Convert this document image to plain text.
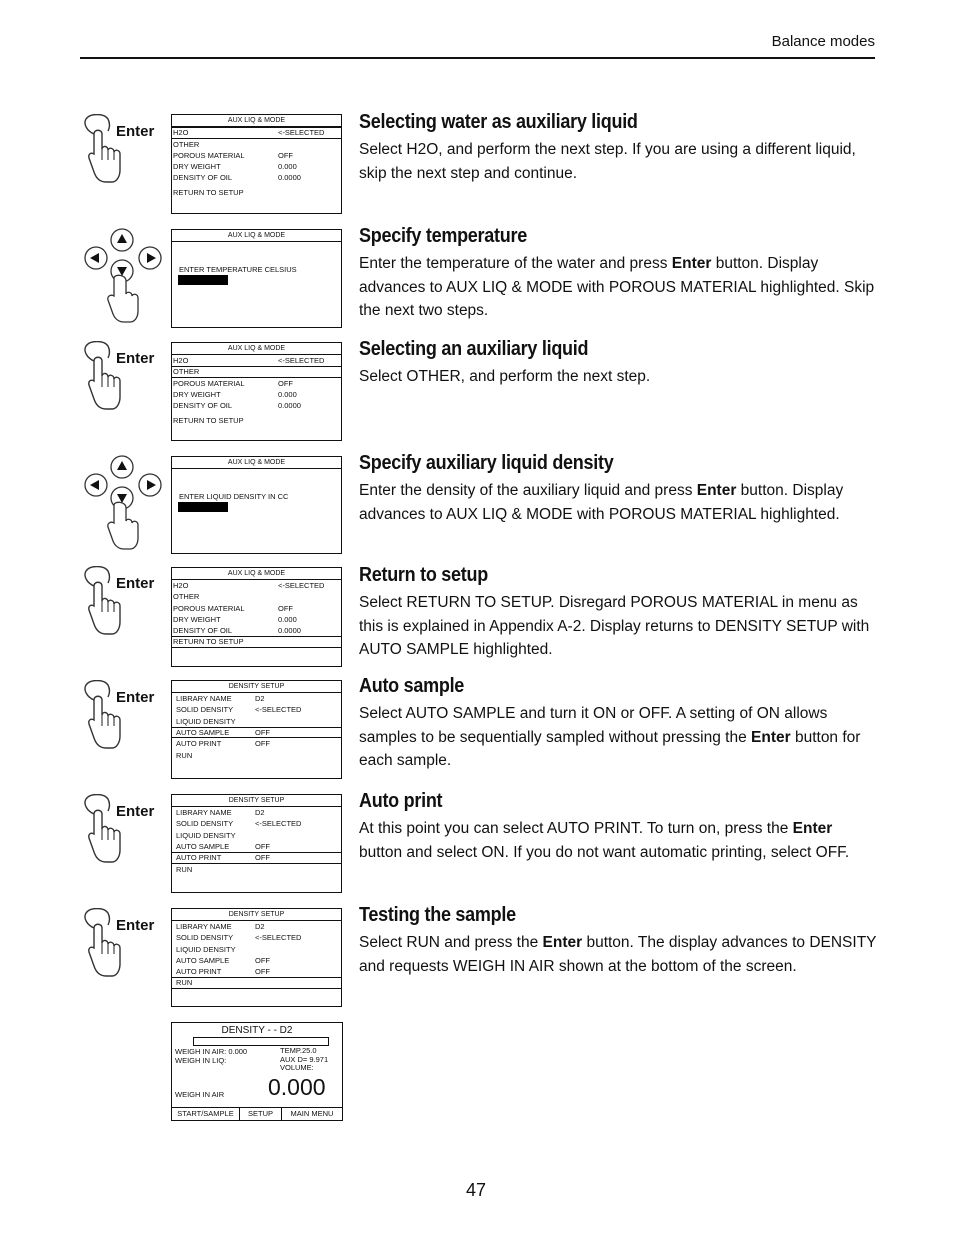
Balance modes
Enter
AUX LIQ & MODE
H2O	<-SELECTED
OTHER
POROUS MATERIAL	OFF
DRY WEIGHT	0.000
DENSITY OF OIL	0.0000
RETURN TO SETUP
AUX LIQ & MODE
ENTER TEMPERATURE CELSIUS
Enter
AUX LIQ & MODE
H2O	<-SELECTED
OTHER
POROUS MATERIAL	OFF
DRY WEIGHT	0.000
DENSITY OF OIL	0.0000
RETURN TO SETUP
AUX LIQ & MODE
ENTER LIQUID DENSITY IN CC
Enter
AUX LIQ & MODE
H2O	<-SELECTED
OTHER
POROUS MATERIAL	OFF
DRY WEIGHT	0.000
DENSITY OF OIL	0.0000
RETURN TO SETUP
Enter
DENSITY SETUP
LIBRARY NAME	D2
SOLID DENSITY	<-SELECTED
LIQUID DENSITY
AUTO SAMPLE	OFF
AUTO PRINT	OFF
RUN
Enter
DENSITY SETUP
LIBRARY NAME	D2
SOLID DENSITY	<-SELECTED
LIQUID DENSITY
AUTO SAMPLE	OFF
AUTO PRINT	OFF
RUN
Enter
DENSITY SETUP
LIBRARY NAME	D2
SOLID DENSITY	<-SELECTED
LIQUID DENSITY
AUTO SAMPLE	OFF
AUTO PRINT	OFF
RUN
DENSITY - - D2
WEIGH IN AIR: 0.000
WEIGH IN LIQ:
TEMP.25.0
AUX D= 9.971
VOLUME:
WEIGH IN AIR 0.000
START/SAMPLE	SETUP	MAIN MENU
Selecting water as auxiliary liquid

Select H2O, and perform the next step. If you are using a different liquid, skip the next step and continue.

Specify temperature

Enter the temperature of the water and press Enter button. Display advances to AUX LIQ & MODE with POROUS MATERIAL highlighted. Skip the next two steps.

Selecting an auxiliary liquid

Select OTHER, and perform the next step.

Specify auxiliary liquid density

Enter the density of the auxiliary liquid and press Enter button. Display advances to AUX LIQ & MODE with POROUS MATERIAL highlighted.

Return to setup

Select RETURN TO SETUP. Disregard POROUS MATERIAL in menu as this is explained in Appendix A-2. Display returns to DENSITY SETUP with AUTO SAMPLE highlighted.

Auto sample

Select AUTO SAMPLE and turn it ON or OFF. A setting of ON allows samples to be sequentially sampled without pressing the Enter button for each sample.

Auto print

At this point you can select AUTO PRINT. To turn on, press the Enter button and select ON. If you do not want automatic printing, select OFF.

Testing the sample

Select RUN and press the Enter button. The display advances to DENSITY and requests WEIGH IN AIR shown at the bottom of the screen.

47
